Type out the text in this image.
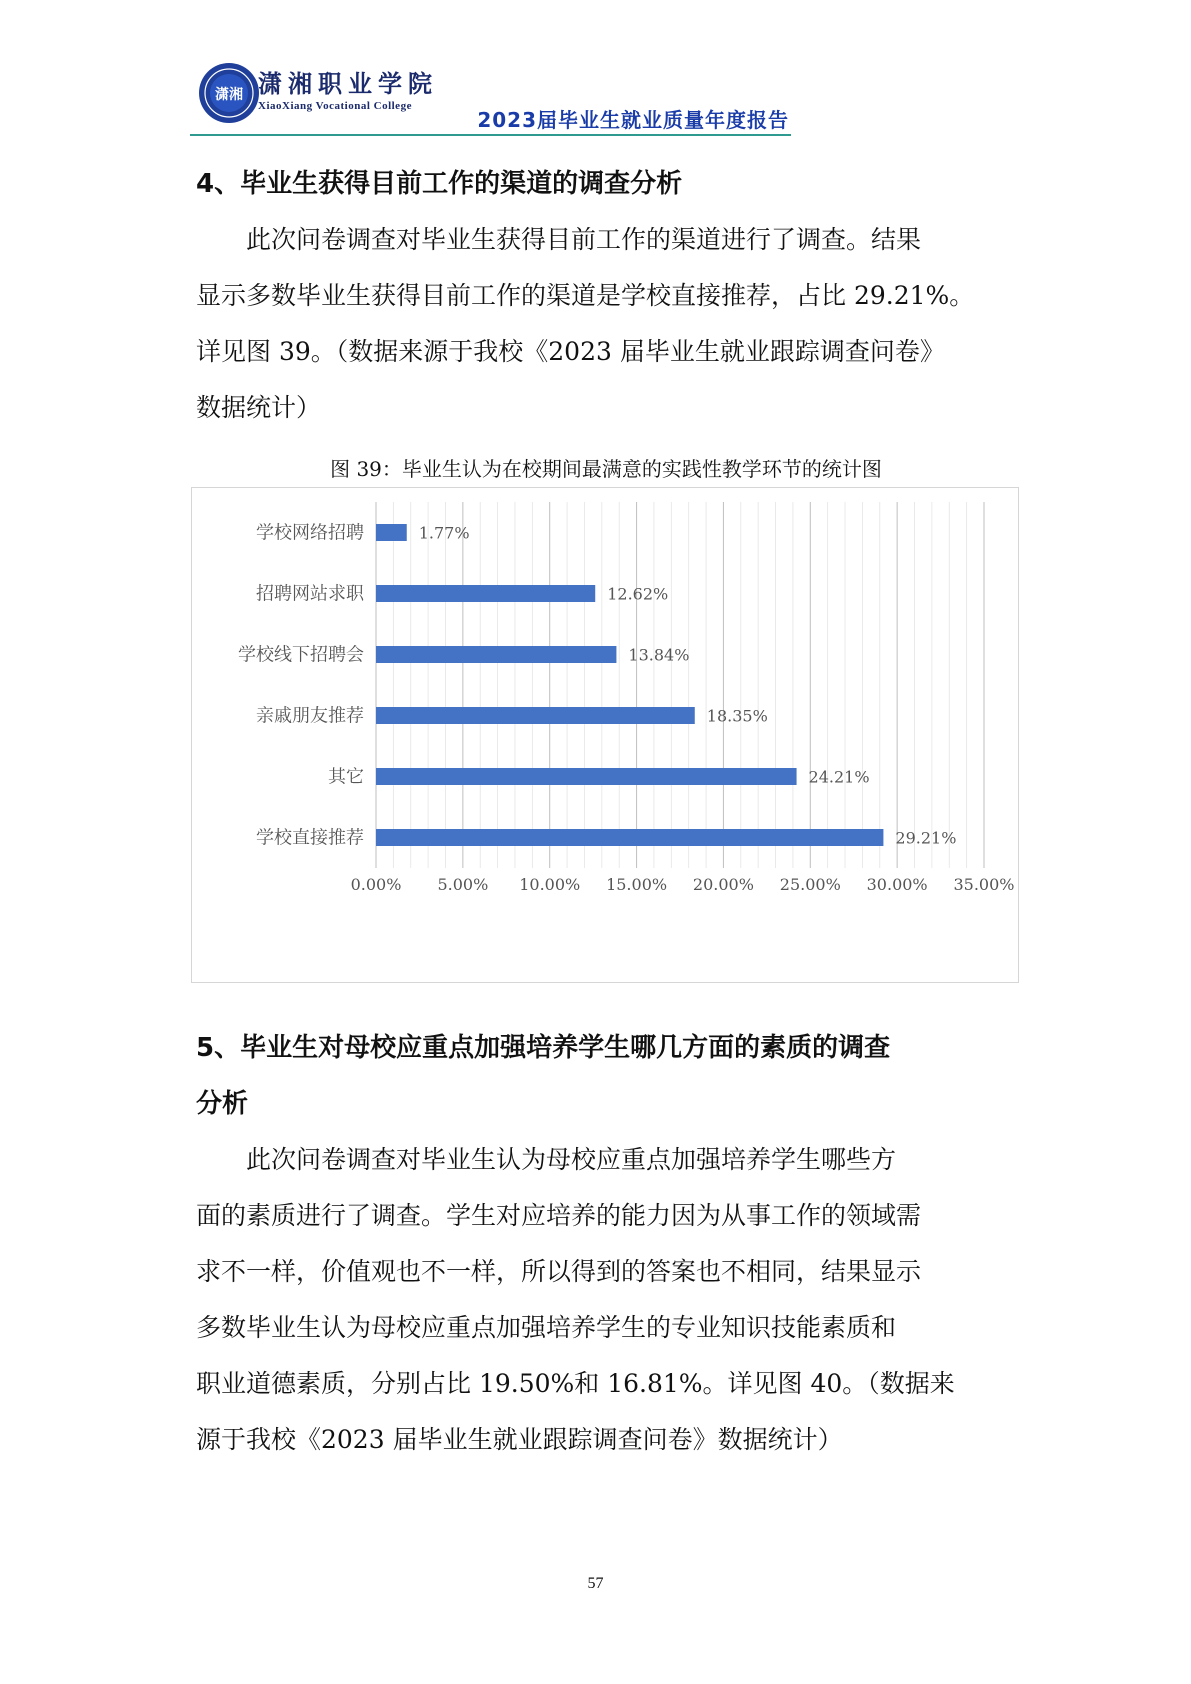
潇湘 潇湘职业学院
XiaoXiang Vocational College
2023届毕业生就业质量年度报告
4、毕业生获得目前工作的渠道的调查分析
　　此次问卷调查对毕业生获得目前工作的渠道进行了调查。结果
显示多数毕业生获得目前工作的渠道是学校直接推荐，占比 29.21%。
详见图 39。（数据来源于我校《2023 届毕业生就业跟踪调查问卷》
数据统计）
图 39：毕业生认为在校期间最满意的实践性教学环节的统计图
0.00% 5.00% 10.00% 15.00% 20.00% 25.00% 30.00% 35.00%
学校网络招聘	1.77%
招聘网站求职	12.62%
学校线下招聘会	13.84%
亲戚朋友推荐	18.35%
其它	24.21%
学校直接推荐	29.21%
5、毕业生对母校应重点加强培养学生哪几方面的素质的调查
分析
　　此次问卷调查对毕业生认为母校应重点加强培养学生哪些方
面的素质进行了调查。学生对应培养的能力因为从事工作的领域需
求不一样，价值观也不一样，所以得到的答案也不相同，结果显示
多数毕业生认为母校应重点加强培养学生的专业知识技能素质和
职业道德素质，分别占比 19.50%和 16.81%。详见图 40。（数据来
源于我校《2023 届毕业生就业跟踪调查问卷》数据统计）
57
